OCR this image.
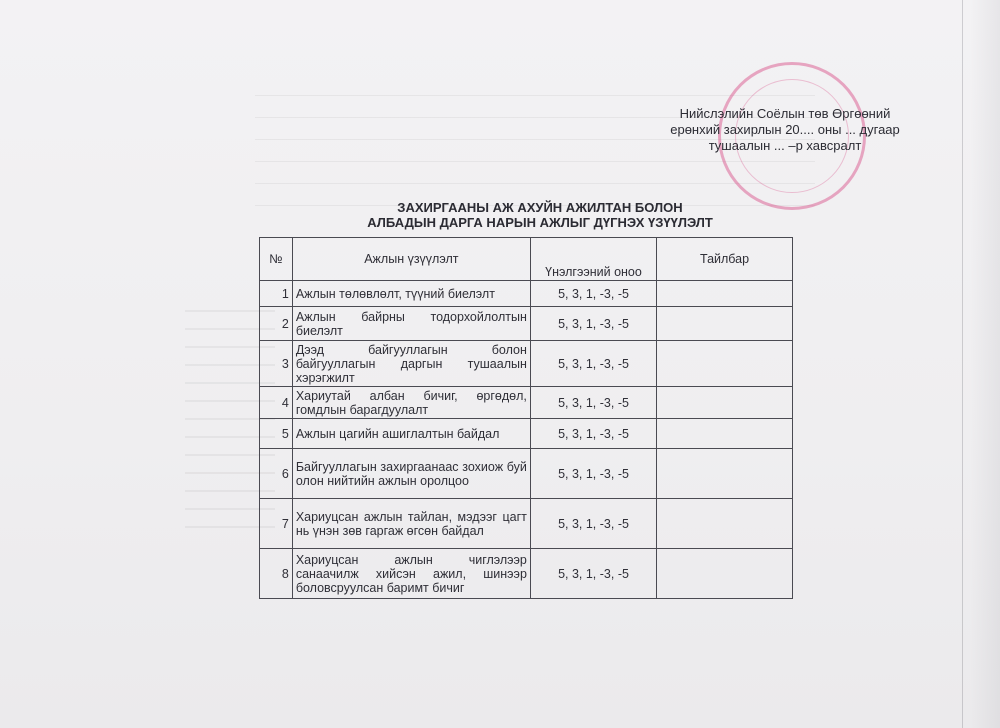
Нийслэлийн Соёлын төв Өргөөний
ерөнхий захирлын 20.... оны ... дугаар
тушаалын ... –р хавсралт
ЗАХИРГААНЫ АЖ АХУЙН АЖИЛТАН БОЛОН
АЛБАДЫН ДАРГА НАРЫН АЖЛЫГ ДҮГНЭХ ҮЗҮҮЛЭЛТ
№	Ажлын үзүүлэлт	Үнэлгээний оноо	Тайлбар
1	Ажлын төлөвлөлт, түүний биелэлт	5, 3, 1, -3, -5	
2	Ажлын байрны тодорхойлолтын биелэлт	5, 3, 1, -3, -5	
3	Дээд байгууллагын болон байгууллагын даргын тушаалын хэрэгжилт	5, 3, 1, -3, -5	
4	Хариутай албан бичиг, өргөдөл, гомдлын барагдуулалт	5, 3, 1, -3, -5	
5	Ажлын цагийн ашиглалтын байдал	5, 3, 1, -3, -5	
6	Байгууллагын захиргаанаас зохиож буй олон нийтийн ажлын оролцоо	5, 3, 1, -3, -5	
7	Хариуцсан ажлын тайлан, мэдээг цагт нь үнэн зөв гаргаж өгсөн байдал	5, 3, 1, -3, -5	
8	Хариуцсан ажлын чиглэлээр санаачилж хийсэн ажил, шинээр боловсруулсан баримт бичиг	5, 3, 1, -3, -5	
